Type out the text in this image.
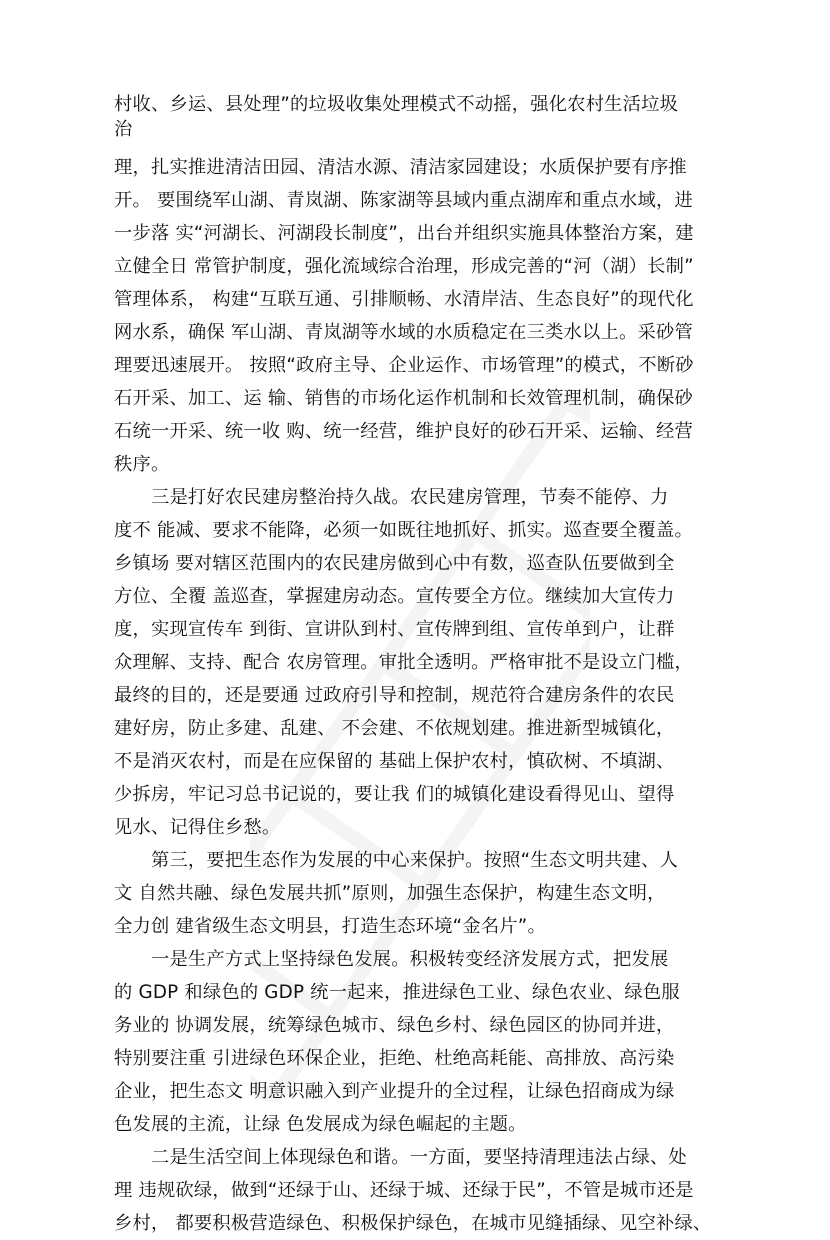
村收、乡运、县处理”的垃圾收集处理模式不动摇，强化农村生活垃圾
治
理，扎实推进清洁田园、清洁水源、清洁家园建设；水质保护要有序推
开。 要围绕军山湖、青岚湖、陈家湖等县域内重点湖库和重点水域，进
一步落 实“河湖长、河湖段长制度”，出台并组织实施具体整治方案，建
立健全日 常管护制度，强化流域综合治理，形成完善的“河（湖）长制”
管理体系， 构建“互联互通、引排顺畅、水清岸洁、生态良好”的现代化
网水系，确保 军山湖、青岚湖等水域的水质稳定在三类水以上。采砂管
理要迅速展开。 按照“政府主导、企业运作、市场管理”的模式，不断砂
石开采、加工、运 输、销售的市场化运作机制和长效管理机制，确保砂
石统一开采、统一收 购、统一经营，维护良好的砂石开采、运输、经营
秩序。
　　三是打好农民建房整治持久战。农民建房管理，节奏不能停、力
度不 能减、要求不能降，必须一如既往地抓好、抓实。巡查要全覆盖。
乡镇场 要对辖区范围内的农民建房做到心中有数，巡查队伍要做到全
方位、全覆 盖巡查，掌握建房动态。宣传要全方位。继续加大宣传力
度，实现宣传车 到街、宣讲队到村、宣传牌到组、宣传单到户，让群
众理解、支持、配合 农房管理。审批全透明。严格审批不是设立门槛，
最终的目的，还是要通 过政府引导和控制，规范符合建房条件的农民
建好房，防止多建、乱建、 不会建、不依规划建。推进新型城镇化，
不是消灭农村，而是在应保留的 基础上保护农村，慎砍树、不填湖、
少拆房，牢记习总书记说的，要让我 们的城镇化建设看得见山、望得
见水、记得住乡愁。
　　第三，要把生态作为发展的中心来保护。按照“生态文明共建、人
文 自然共融、绿色发展共抓”原则，加强生态保护，构建生态文明，
全力创 建省级生态文明县，打造生态环境“金名片”。
　　一是生产方式上坚持绿色发展。积极转变经济发展方式，把发展
的 GDP 和绿色的 GDP 统一起来，推进绿色工业、绿色农业、绿色服
务业的 协调发展，统筹绿色城市、绿色乡村、绿色园区的协同并进，
特别要注重 引进绿色环保企业，拒绝、杜绝高耗能、高排放、高污染
企业，把生态文 明意识融入到产业提升的全过程，让绿色招商成为绿
色发展的主流，让绿 色发展成为绿色崛起的主题。
　　二是生活空间上体现绿色和谐。一方面，要坚持清理违法占绿、处
理 违规砍绿，做到“还绿于山、还绿于城、还绿于民”，不管是城市还是
乡村， 都要积极营造绿色、积极保护绿色，在城市见缝插绿、见空补绿、
